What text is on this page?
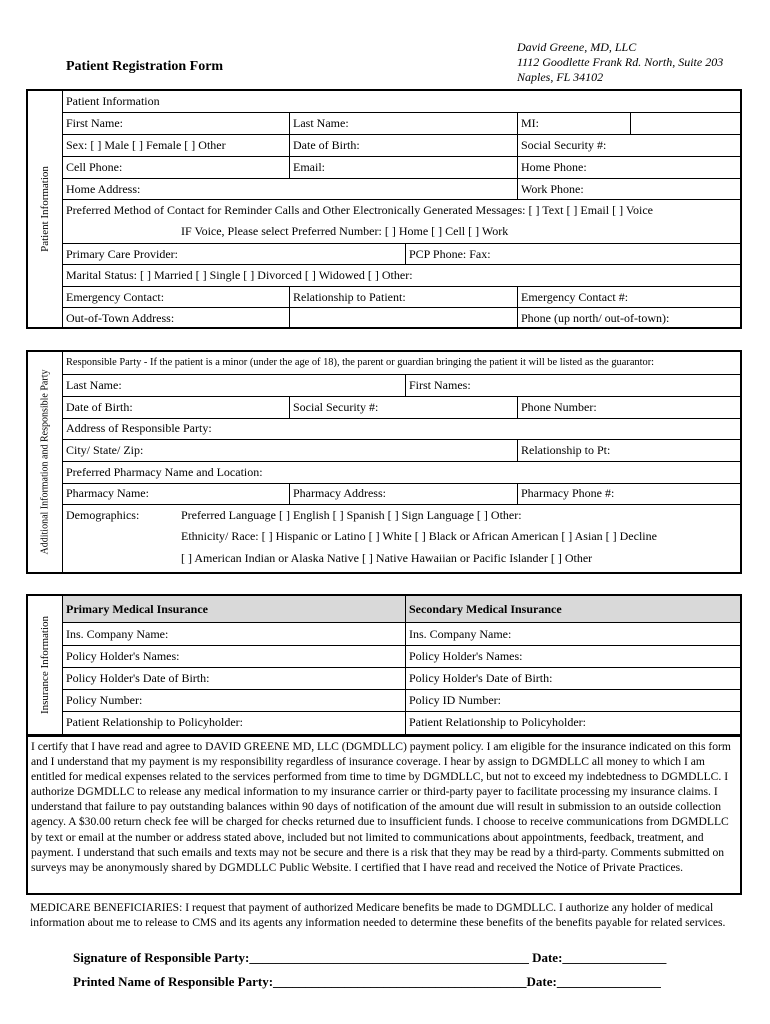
Patient Registration Form
David Greene, MD, LLC
1112 Goodlette Frank Rd. North, Suite 203
Naples, FL 34102
Patient Information
Patient Information
First Name:	Last Name:	MI:
Sex: [ ] Male [ ] Female [ ] Other	Date of Birth:	Social Security #:
Cell Phone:	Email:	Home Phone:
Home Address:	Work Phone:
Preferred Method of Contact for Reminder Calls and Other Electronically Generated Messages: [ ] Text [ ] Email [ ] Voice
IF Voice, Please select Preferred Number: [ ] Home [ ] Cell [ ] Work
Primary Care Provider:	PCP Phone: Fax:
Marital Status: [ ] Married [ ] Single [ ] Divorced [ ] Widowed [ ] Other:
Emergency Contact:	Relationship to Patient:	Emergency Contact #:
Out-of-Town Address:	Phone (up north/ out-of-town):
Additional Information and Responsible Party
Responsible Party - If the patient is a minor (under the age of 18), the parent or guardian bringing the patient it will be listed as the guarantor:
Last Name:	First Names:
Date of Birth:	Social Security #:	Phone Number:
Address of Responsible Party:
City/ State/ Zip:	Relationship to Pt:
Preferred Pharmacy Name and Location:
Pharmacy Name:	Pharmacy Address:	Pharmacy Phone #:
Demographics:	Preferred Language [ ] English [ ] Spanish [ ] Sign Language [ ] Other:
Ethnicity/ Race: [ ] Hispanic or Latino [ ] White [ ] Black or African American [ ] Asian [ ] Decline
[ ] American Indian or Alaska Native [ ] Native Hawaiian or Pacific Islander [ ] Other
Insurance Information
Primary Medical Insurance	Secondary Medical Insurance
Ins. Company Name:	Ins. Company Name:
Policy Holder's Names:	Policy Holder's Names:
Policy Holder's Date of Birth:	Policy Holder's Date of Birth:
Policy Number:	Policy ID Number:
Patient Relationship to Policyholder:	Patient Relationship to Policyholder:
I certify that I have read and agree to DAVID GREENE MD, LLC (DGMDLLC) payment policy. I am eligible for the insurance indicated on this form and I understand that my payment is my responsibility regardless of insurance coverage. I hear by assign to DGMDLLC all money to which I am entitled for medical expenses related to the services performed from time to time by DGMDLLC, but not to exceed my indebtedness to DGMDLLC. I authorize DGMDLLC to release any medical information to my insurance carrier or third-party payer to facilitate processing my insurance claims. I understand that failure to pay outstanding balances within 90 days of notification of the amount due will result in submission to an outside collection agency. A $30.00 return check fee will be charged for checks returned due to insufficient funds. I choose to receive communications from DGMDLLC by text or email at the number or address stated above, included but not limited to communications about appointments, feedback, treatment, and payment. I understand that such emails and texts may not be secure and there is a risk that they may be read by a third-party. Comments submitted on surveys may be anonymously shared by DGMDLLC Public Website. I certified that I have read and received the Notice of Private Practices.
MEDICARE BENEFICIARIES: I request that payment of authorized Medicare benefits be made to DGMDLLC. I authorize any holder of medical information about me to release to CMS and its agents any information needed to determine these benefits of the benefits payable for related services.
Signature of Responsible Party:___________________________________________ Date:________________
Printed Name of Responsible Party:_______________________________________Date:________________
